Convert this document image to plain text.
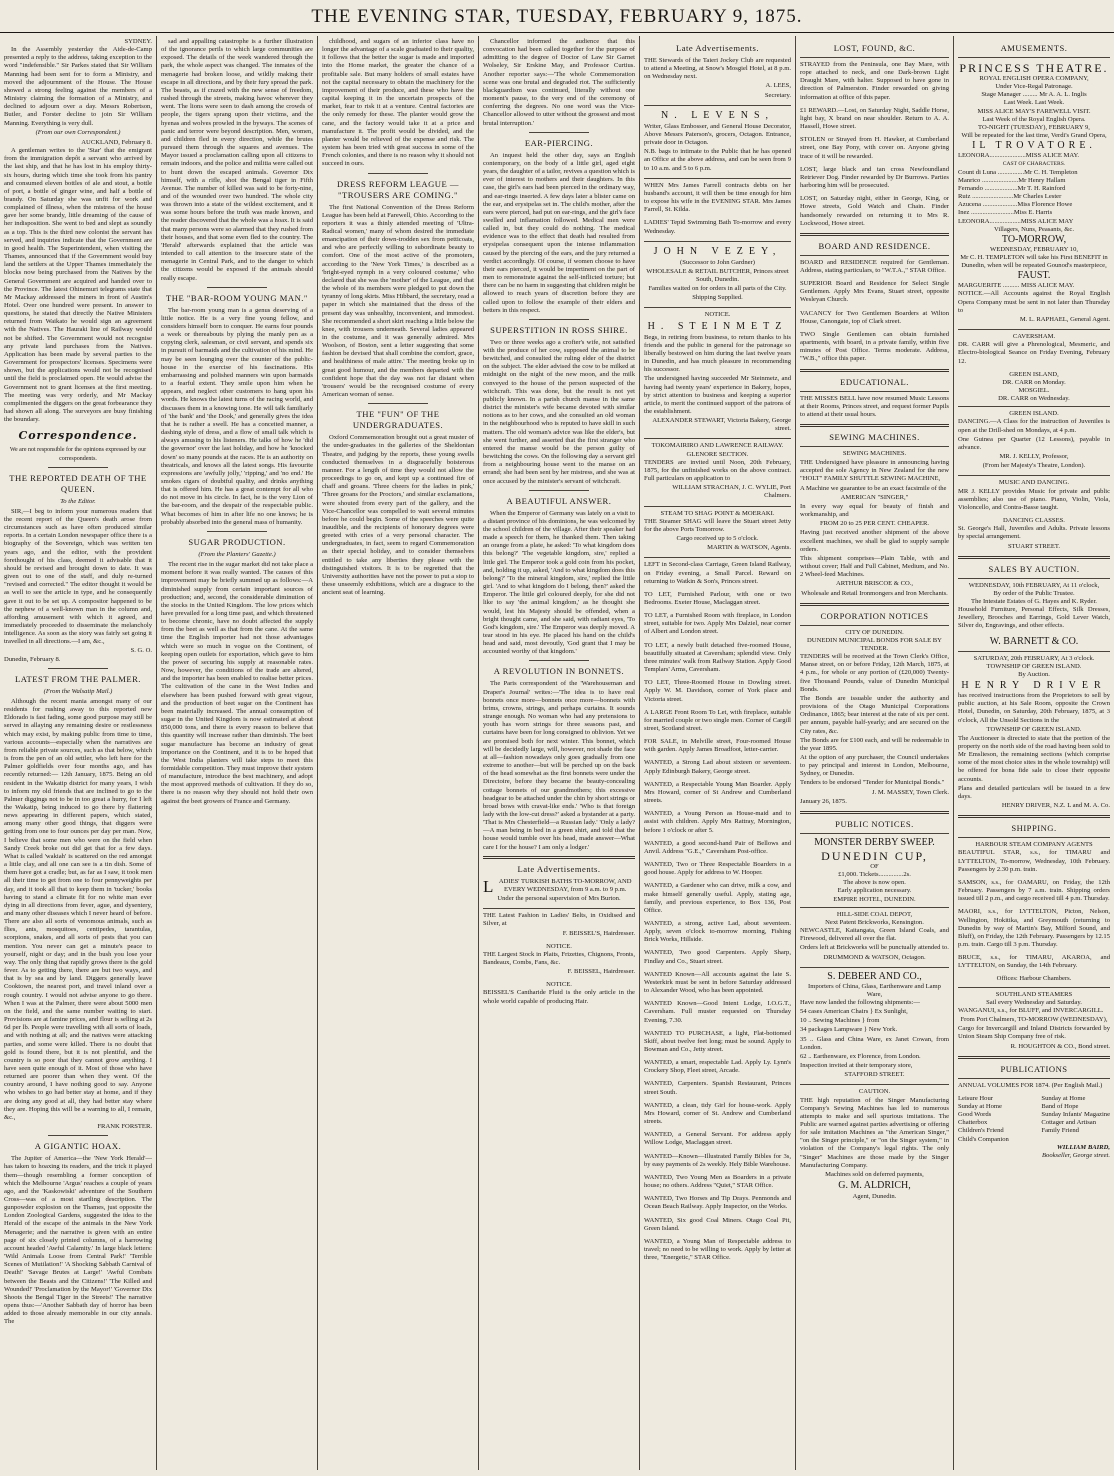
THE EVENING STAR, TUESDAY, FEBRUARY 9, 1875.
SYDNEY.

In the Assembly yesterday the Aide-de-Camp presented a reply to the address, taking exception to the word "indefensible." Sir Parkes stated that Sir William Manning had been sent for to form a Ministry, and moved the adjournment of the House. The House showed a strong feeling against the members of a Ministry claiming the formation of a Ministry, and declined to adjourn over a day. Messrs Robertson, Butler, and Forster decline to join Sir William Manning. Everything is very dull.

(From our own Correspondent.)
AUCKLAND, February 8.

A gentleman writes to the 'Star' that the emigrant from the immigration depôt a servant who arrived by the last ship, and that he has lost in his employ thirty-six hours, during which time she took from his pantry and consumed eleven bottles of ale and stout, a bottle of port, a bottle of ginger wine, and half a bottle of brandy. On Saturday she was unfit for work and complained of illness, when the mistress of the house gave her some brandy, little dreaming of the cause of her indisposition. She went to bed and slept as soundly as a top. This is the third new colonist the servant has served, and inquiries indicate that the Government are in good health. The Superintendent, when visiting the Thames, announced that if the Government would buy land the settlers at the Upper Thames immediately the blocks now being purchased from the Natives by the General Government are acquired and handed over to the Province. The latest Ohinemuri telegrams state that Mr Mackay addressed the miners in front of Austin's Hotel. Over one hundred were present. In answer to questions, he stated that directly the Native Ministers returned from Waikato he would sign an agreement with the Natives. The Hauraki line of Railway would not be shifted. The Government would not recognise any private land purchases from the Natives. Application has been made by several parties to the Government for prospectors' licenses. Specimens were shown, but the applications would not be recognised until the field is proclaimed open. He would advise the Government not to grant licenses at the first meeting. The meeting was very orderly, and Mr Mackay complimented the diggers on the great forbearance they had shown all along. The surveyors are busy finishing the boundary.

Correspondence.
We are not responsible for the opinions expressed by our correspondents.
THE REPORTED DEATH OF THE QUEEN.
To the Editor.

SIR,—I beg to inform your numerous readers that the recent report of the Queen's death arose from circumstances such as have often produced similar reports. In a certain London newspaper office there is a biography of the Sovereign, which was written ten years ago, and the editor, with the provident forethought of his class, deemed it advisable that it should be revised and brought down to date. It was given out to one of the staff, and duly re-turned "revised and corrected." The editor thought it would be as well to see the article in type, and he consequently gave it out to be set up. A compositor happened to be the nephew of a well-known man in the column and, affording amusement with which it agreed, and immediately proceeded to disseminate the melancholy intelligence. As soon as the story was fairly set going it travelled in all directions.—I am, &c.,

S. G. O.
Dunedin, February 8.
LATEST FROM THE PALMER.
(From the Walsatip Mail.)

Although the recent mania amongst many of our residents for rushing away to this reported new Eldorado is fast fading, some good purpose may still be served in allaying any remaining desire or restlessness which may exist, by making public from time to time, various accounts—especially when the narratives are from reliable private sources, such as that below, which is from the pen of an old settler, who left here for the Palmer goldfields over four months ago, and has recently returned:— 12th January, 1875. Being an old resident in the Wakatip district for many years, I wish to inform my old friends that are inclined to go to the Palmer diggings not to be in too great a hurry, for I left the Wakatip, being induced to go there by flattering news appearing in different papers, which stated, among many other good things, that diggers were getting from one to four ounces per day per man. Now, I believe that some men who were on the field when Sandy Creek broke out did get that for a few days. What is called 'wakiah' is scattered on the red amongst a little clay, and all one can see is a tin dish. Some of them have got a cradle; but, as far as I saw, it took men all their time to get from one to four pennyweights per day, and it took all that to keep them in 'tucker,' books having to stand a climate fit for no white man ever dying in all directions from fever, ague, and dysentery, and many other diseases which I never heard of before. There are also all sorts of venomous animals, such as flies, ants, mosquitoes, centipedes, tarantulas, scorpions, snakes, and all sorts of pests that you can mention. You never can get a minute's peace to yourself, night or day; and in the bush you lose your way. The only thing that rapidly grows there is the gold fever. As to getting there, there are but two ways, and that is by sea and by land. Diggers generally leave Cooktown, the nearest port, and travel inland over a rough country. I would not advise anyone to go there. When I was at the Palmer, there were about 5000 men on the field, and the same number waiting to start. Provisions are at famine prices, and flour is selling at 2s 6d per lb. People were travelling with all sorts of loads, and with nothing at all; and the natives were attacking parties, and some were killed. There is no doubt that gold is found there, but it is not plentiful, and the country is so poor that they cannot grow anything. I have seen quite enough of it. Most of those who have returned are poorer than when they went. Of the country around, I have nothing good to say. Anyone who wishes to go had better stay at home, and if they are doing any good at all, they had better stay where they are. Hoping this will be a warning to all, I remain, &c.,

FRANK FORSTER.
A GIGANTIC HOAX.

The Jupiter of America—the 'New York Herald'—has taken to hoaxing its readers, and the trick it played them—though resembling a former conception of which the Melbourne 'Argus' reaches a couple of years ago, and the 'Kaskowiski' adventure of the Southern Cross—was of a most startling description. The gunpowder explosion on the Thames, just opposite the London Zoological Gardens, suggested the idea to the Herald of the escape of the animals in the New York Menagerie; and the narrative is given with an entire page of six closely printed columns, of a harrowing account headed 'Awful Calamity.' In large black letters: 'Wild Animals Loose from Central Park!' 'Terrible Scenes of Mutilation!' 'A Shocking Sabbath Carnival of Death!' 'Savage Brutes at Large!' 'Awful Combats between the Beasts and the Citizens!' 'The Killed and Wounded!' 'Proclamation by the Mayor!' 'Governor Dix Shoots the Bengal Tiger in the Streets!' The narrative opens thus:—'Another Sabbath day of horror has been added to those already memorable in our city annals. The

sad and appalling catastrophe is a further illustration of the ignorance perils to which large communities are exposed. The details of the week wandered through the park, the whole aspect was changed. The inmates of the menagerie had broken loose, and wildly making their escape in all directions, and by their fury spread the park. The beasts, as if crazed with the new sense of freedom, rushed through the streets, making havoc wherever they went. The lions were seen to dash among the crowds of people, the tigers sprang upon their victims, and the hyenas and wolves prowled in the byways. The scenes of panic and terror were beyond description. Men, women, and children fled in every direction, while the brutes pursued them through the squares and avenues. The Mayor issued a proclamation calling upon all citizens to remain indoors, and the police and militia were called out to hunt down the escaped animals. Governor Dix himself, with a rifle, shot the Bengal tiger in Fifth Avenue. The number of killed was said to be forty-nine, and of the wounded over two hundred. The whole city was thrown into a state of the wildest excitement, and it was some hours before the truth was made known, and the reader discovered that the whole was a hoax. It is said that many persons were so alarmed that they rushed from their houses, and that some even fled to the country. The 'Herald' afterwards explained that the article was intended to call attention to the insecure state of the menagerie in Central Park, and to the danger to which the citizens would be exposed if the animals should really escape.

THE "BAR-ROOM YOUNG MAN."

The bar-room young man is a genus deserving of a little notice. He is a very fine young fellow, and considers himself born to conquer. He earns four pounds a week or thereabouts by plying the manly pen as a copying clerk, salesman, or civil servant, and spends six in pursuit of barmaids and the cultivation of his mind. He may be seen lounging over the counter of the public-house in the exercise of his fascinations. His embarrassing and polished manners win upon barmaids to a fearful extent. They smile upon him when he appears, and neglect other customers to hang upon his words. He knows the latest turns of the racing world, and discusses them in a knowing tone. He will talk familiarly of 'the bank' and 'the Dook,' and generally gives the idea that he is rather a swell. He has a conceited manner, a dashing style of dress, and a flow of small talk which is always amusing to his listeners. He talks of how he 'did the governor' over the last holiday, and how he 'knocked down' so many pounds at the races. He is an authority on theatricals, and knows all the latest songs. His favourite expressions are 'awfully jolly,' 'ripping,' and 'no end.' He smokes cigars of doubtful quality, and drinks anything that is offered him. He has a great contempt for all who do not move in his circle. In fact, he is the very Lion of the bar-room, and the despair of the respectable public. What becomes of him in after life no one knows; he is probably absorbed into the general mass of humanity.

SUGAR PRODUCTION.
(From the Planters' Gazette.)

The recent rise in the sugar market did not take place a moment before it was really wanted. The causes of this improvement may be briefly summed up as follows:—A diminished supply from certain important sources of production; and, second, the considerable diminution of the stocks in the United Kingdom. The low prices which have prevailed for a long time past, and which threatened to become chronic, have no doubt affected the supply from the beet as well as that from the cane. At the same time the English importer had not those advantages which were so much in vogue on the Continent, of keeping open outlets for exportation, which gave to him the power of securing his supply at reasonable rates. Now, however, the conditions of the trade are altered, and the importer has been enabled to realise better prices. The cultivation of the cane in the West Indies and elsewhere has been pushed forward with great vigour, and the production of beet sugar on the Continent has been materially increased. The annual consumption of sugar in the United Kingdom is now estimated at about 850,000 tons, and there is every reason to believe that this quantity will increase rather than diminish. The beet sugar manufacture has become an industry of great importance on the Continent, and it is to be hoped that the West India planters will take steps to meet this formidable competition. They must improve their system of manufacture, introduce the best machinery, and adopt the most approved methods of cultivation. If they do so, there is no reason why they should not hold their own against the beet growers of France and Germany.

childhood, and sugars of an inferior class have no longer the advantage of a scale graduated to their quality, it follows that the better the sugar is made and imported into the Home market, the greater the chance of a profitable sale. But many holders of small estates have not the capital necessary to obtain the machinery for the improvement of their produce, and these who have the capital keeping it in the uncertain prospects of the market, fear to risk it at a venture. Central factories are the only remedy for these. The planter would grow the cane, and the factory would take it at a price and manufacture it. The profit would be divided, and the planter would be relieved of the expense and risk. The system has been tried with great success in some of the French colonies, and there is no reason why it should not succeed in ours.

DRESS REFORM LEAGUE — "TROUSERS ARE COMING."

The first National Convention of the Dress Reform League has been held at Farewell, Ohio. According to the reporters it was a thinly attended meeting of 'Ultra-Radical women,' many of whom desired the immediate emancipation of their down-trodden sex from petticoats, and who are perfectly willing to subordinate beauty to comfort. One of the most active of the promoters, according to the 'New York Times,' is described as a 'bright-eyed nymph in a very coloured costume,' who declared that she was the 'mother' of the League, and that the whole of its members were pledged to put down the tyranny of long skirts. Miss Hibbard, the secretary, read a paper in which she maintained that the dress of the present day was unhealthy, inconvenient, and immodest. She recommended a short skirt reaching a little below the knee, with trousers underneath. Several ladies appeared in the costume, and it was generally admired. Mrs Woolson, of Boston, sent a letter suggesting that some fashion be devised 'that shall combine the comfort, grace, and healthiness of male attire.' The meeting broke up in great good humour, and the members departed with the confident hope that the day was not far distant when 'trousers' would be the recognised costume of every American woman of sense.

THE "FUN" OF THE UNDERGRADUATES.

Oxford Commemoration brought out a great muster of the under-graduates in the galleries of the Sheldonian Theatre, and judging by the reports, these young swells conducted themselves in a disgracefully boisterous manner. For a length of time they would not allow the proceedings to go on, and kept up a continued fire of chaff and groans. 'Three cheers for the ladies in pink,' 'Three groans for the Proctors,' and similar exclamations, were shouted from every part of the gallery, and the Vice-Chancellor was compelled to wait several minutes before he could begin. Some of the speeches were quite inaudible, and the recipients of honorary degrees were greeted with cries of a very personal character. The undergraduates, in fact, seem to regard Commemoration as their special holiday, and to consider themselves entitled to take any liberties they please with the distinguished visitors. It is to be regretted that the University authorities have not the power to put a stop to these unseemly exhibitions, which are a disgrace to the ancient seat of learning.

Chancellor informed the audience that this convocation had been called together for the purpose of admitting to the degree of Doctor of Law Sir Garnet Wolseley, Sir Erskine May, and Professor Curtius. Another reporter says:—'The whole Commemoration scene was one brutal and degraded riot. The sufficiently blackguardism was continued, literally without one moment's pause, to the very end of the ceremony of conferring the degrees. No one word was the Vice-Chancellor allowed to utter without the grossest and most brutal interruption.'

EAR-PIERCING.

An inquest held the other day, says an English contemporary, on the body of a little girl, aged eight years, the daughter of a tailor, revives a question which is ever of interest to mothers and their daughters. In this case, the girl's ears had been pierced in the ordinary way, and ear-rings inserted. A few days later a blister came on the ear, and erysipelas set in. The child's mother, after the ears were pierced, had put on ear-rings, and the girl's face swelled and inflamation followed. Medical men were called in, but they could do nothing. The medical evidence was to the effect that death had resulted from erysipelas consequent upon the intense inflammation caused by the piercing of the ears, and the jury returned a verdict accordingly. Of course, if women choose to have their ears pierced, it would be impertinent on the part of men to remonstrate against the self-inflicted torture; but there can be no harm in suggesting that children might be allowed to reach years of discretion before they are called upon to follow the example of their elders and betters in this respect.

SUPERSTITION IN ROSS SHIRE.

Two or three weeks ago a crofter's wife, not satisfied with the produce of her cow, supposed the animal to be bewitched, and consulted the ruling elder of the district on the subject. The elder advised the cow to be milked at midnight on the night of the new moon, and the milk conveyed to the house of the person suspected of the witchcraft. This was done, but the result is not yet publicly known. In a parish church manse in the same district the minister's wife became devoted with similar notions as to her cows, and she consulted an old woman in the neighbourhood who is reputed to have skill in such matters. The old woman's advice was like the elder's, but she went further, and asserted that the first stranger who entered the manse would be the person guilty of bewitching the cows. On the following day a servant girl from a neighbouring house went to the manse on an errand; she had been sent by her mistress, and she was at once accused by the minister's servant of witchcraft.

A BEAUTIFUL ANSWER.

When the Emperor of Germany was lately on a visit to a distant province of his dominions, he was welcomed by the school children of the village. After their speaker had made a speech for them, he thanked them. Then taking an orange from a plate, he asked: 'To what kingdom does this belong?' 'The vegetable kingdom, sire,' replied a little girl. The Emperor took a gold coin from his pocket, and, holding it up, asked, 'And to what kingdom does this belong?' 'To the mineral kingdom, sire,' replied the little girl. 'And to what kingdom do I belong, then?' asked the Emperor. The little girl coloured deeply, for she did not like to say 'the animal kingdom,' as he thought she would, lest his Majesty should be offended, when a bright thought came, and she said, with radiant eyes, 'To God's kingdom, sire.' The Emperor was deeply moved. A tear stood in his eye. He placed his hand on the child's head and said, most devoutly, 'God grant that I may be accounted worthy of that kingdom.'

A REVOLUTION IN BONNETS.

The Paris correspondent of the 'Warehouseman and Draper's Journal' writes:—'The idea is to have real bonnets once more—bonnets once more—bonnets with brims, crowns, strings, and perhaps curtains. It sounds strange enough. No woman who had any pretensions to youth has worn strings for three seasons past, and curtains have been for long consigned to oblivion. Yet we are promised both for next winter. This bonnet, which will be decidedly large, will, however, not shade the face at all—fashion nowadays only goes gradually from one extreme to another—but will be perched up on the back of the head somewhat as the first bonnets were under the Directoire, before they became the beauty-concealing cottage bonnets of our grandmothers; this excessive headgear to be attached under the chin by short strings or broad bows with cravat-like ends.' 'Who is that foreign lady with the low-cut dress?' asked a bystander at a party. 'That is Mrs Chesterfield—a Russian lady.' 'Only a lady?—A man being in bed in a green shirt, and told that the house would tumble over his head, made answer—What care I for the house? I am only a lodger.'

Late Advertisements.

LADIES' TURKISH BATHS TO-MORROW, AND EVERY WEDNESDAY, from 9 a.m. to 9 p.m.

Under the personal supervision of Mrs Burton.

THE Latest Fashion in Ladies' Belts, in Oxidised and Silver, at

F. BEISSEL'S, Hairdresser.

NOTICE.

THE Largest Stock in Plaits, Frizettes, Chignons, Fronts, Bandeaux, Combs, Fans, &c.

F. BEISSEL, Hairdresser.

NOTICE.

BEISSEL'S Cantharide Fluid is the only article in the whole world capable of producing Hair.

Late Advertisements.

THE Stewards of the Taieri Jockey Club are requested to attend a Meeting, at Snow's Mosgiel Hotel, at 8 p.m. on Wednesday next.

A. LEES,

Secretary.

N. LEVENS,

Writer, Glass Embosser, and General House Decorator, Above Messrs Paterson's, grocers, Octagon. Entrance, private door in Octagon.

N.B. bags to intimate to the Public that he has opened an Office at the above address, and can be seen from 9 to 10 a.m. and 5 to 6 p.m.

WHEN Mrs James Farrell contracts debts on her husband's account, it will then be time enough for him to expose his wife in the EVENING STAR. Mrs James Farrell, St. Kilda.

LADIES' Tepid Swimming Bath To-morrow and every Wednesday.

JOHN VEZEY,

(Successor to John Gardner)

WHOLESALE & RETAIL BUTCHER, Princes street South, Dunedin.

Families waited on for orders in all parts of the City.

Shipping Supplied.

NOTICE.

H. STEINMETZ

Begs, in retiring from business, to return thanks to his friends and the public in general for the patronage so liberally bestowed on him during the last twelve years in Dunedin, and has much pleasure in recommending his successor.

The undersigned having succeeded Mr Steinmetz, and having had twenty years' experience in Bakery, hopes, by strict attention to business and keeping a superior article, to merit the continued support of the patrons of the establishment.

ALEXANDER STEWART, Victoria Bakery, George street.

TOKOMAIRIRO AND LAWRENCE RAILWAY.
GLENORE SECTION.

TENDERS are invited until Noon, 20th February, 1875, for the unfinished works on the above contract. Full particulars on application to

WILLIAM STRACHAN, J. C. WYLIE, Port Chalmers.

STEAM TO SHAG POINT & MOERAKI.

THE Steamer SHAG will leave the Stuart street Jetty for the above Ports Tomorrow.

Cargo received up to 5 o'clock.

MARTIN & WATSON, Agents.

LEFT in Second-class Carriage, Green Island Railway, on Friday evening, a Small Parcel. Reward on returning to Watkin & Son's, Princes street.

TO LET, Furnished Parlour, with one or two Bedrooms. Exeter House, Maclaggan street.

TO LET, a Furnished Room with fireplace, in London street, suitable for two. Apply Mrs Dalziel, near corner of Albert and London street.

TO LET, a newly built detached five-roomed House, beautifully situated at Caversham; splendid view. Only three minutes' walk from Railway Station. Apply Good Templars' Arms, Caversham.

TO LET, Three-Roomed House in Dowling street. Apply W. M. Davidson, corner of York place and Victoria street.

A LARGE Front Room To Let, with fireplace, suitable for married couple or two single men. Corner of Cargill street, Scotland street.

FOR SALE, in Melville street, Four-roomed House with garden. Apply James Broadfoot, letter-carrier.

WANTED, a Strong Lad about sixteen or seventeen. Apply Edinburgh Bakery, George street.

WANTED, a Respectable Young Man Boarder. Apply Mrs Howard, corner of St Andrew and Cumberland streets.

WANTED, a Young Person as House-maid and to assist with children. Apply Mrs Rattray, Mornington, before 1 o'clock or after 5.

WANTED, a good second-hand Pair of Bellows and Anvil. Address "G.E.," Caversham Post-office.

WANTED, Two or Three Respectable Boarders in a good house. Apply for address to W. Hooper.

WANTED, a Gardener who can drive, milk a cow, and make himself generally useful. Apply, stating age, family, and previous experience, to Box 136, Post Office.

WANTED, a strong, active Lad, about seventeen. Apply, seven o'clock to-morrow morning, Fishing Brick Works, Hillside.

WANTED, Two good Carpenters. Apply Sharp, Findlay and Co., Stuart street.

WANTED Known—All accounts against the late S. Westerkirk must be sent in before Saturday addressed to Alexander Wood, who has been appointed.

WANTED Known—Good Intent Lodge, I.O.G.T., Caversham. Full muster requested on Thursday Evening, 7.30.

WANTED TO PURCHASE, a light, Flat-bottomed Skiff, about twelve feet long; must be sound. Apply to Bowman and Co., Jetty street.

WANTED, a smart, respectable Lad. Apply Ly. Lynn's Crockery Shop, Fleet street, Arcade.

WANTED, Carpenters. Spanish Restaurant, Princes street South.

WANTED, a clean, tidy Girl for house-work. Apply Mrs Howard, corner of St. Andrew and Cumberland streets.

WANTED, a General Servant. For address apply Willow Lodge, Maclaggan street.

WANTED—Known—Illustrated Family Bibles for 3s, by easy payments of 2s weekly. Hely Bible Warehouse.

WANTED, Two Young Men as Boarders in a private house; no others. Address "Quiet," STAR Office.

WANTED, Two Horses and Tip Drays. Penmonds and Ocean Beach Railway. Apply Inspector, on the Works.

WANTED, Six good Coal Miners. Otago Coal Pit, Green Island.

WANTED, a Young Man of Respectable address to travel; no need to be willing to work. Apply by letter at three, "Energetic," STAR Office.

LOST, FOUND, &C.

STRAYED from the Peninsula, one Bay Mare, with rope attached to neck, and one Dark-brown Light Draught Mare, with halter. Supposed to have gone in direction of Palmerston. Finder rewarded on giving information at office of this paper.

£1 REWARD.—Lost, on Saturday Night, Saddle Horse, light bay, X brand on near shoulder. Return to A. A. Hassell, Howe street.

STOLEN or Strayed from H. Hawker, at Cumberland street, one Bay Pony, with cover on. Anyone giving trace of it will be rewarded.

LOST, large black and tan cross Newfoundland Retriever Dog. Finder rewarded by Dr Burrows. Parties harboring him will be prosecuted.

LOST, on Saturday night, either in George, King, or Howe streets, Gold Watch and Chain. Finder handsomely rewarded on returning it to Mrs R. Lockwood, Howe street.

BOARD AND RESIDENCE.

BOARD and RESIDENCE required for Gentleman. Address, stating particulars, to "W.T.A.," STAR Office.

SUPERIOR Board and Residence for Select Single Gentlemen. Apply Mrs Evans, Stuart street, opposite Wesleyan Church.

VACANCY for Two Gentlemen Boarders at Wilton House, Canongate, top of Clark street.

TWO Single Gentlemen can obtain furnished apartments, with board, in a private family, within five minutes of Post Office. Terms moderate. Address, "W.B.," office this paper.

EDUCATIONAL.

THE MISSES BELL have now resumed Music Lessons at their Rooms, Princes street, and request former Pupils to attend at their usual hours.

SEWING MACHINES.

SEWING MACHINES.

THE Undersigned have pleasure in announcing having accepted the sole Agency in New Zealand for the new "HOLT" FAMILY SHUTTLE SEWING MACHINE,

A Machine we guarantee to be an exact facsimile of the

AMERICAN "SINGER,"

In every way equal for beauty of finish and workmanship, and

FROM 20 to 25 PER CENT. CHEAPER.

Having just received another shipment of the above excellent machines, we shall be glad to supply sample orders.

This shipment comprises—Plain Table, with and without cover; Half and Full Cabinet, Medium, and No. 2 Wheel-feed Machines.

ARTHUR BRISCOE & CO.,

Wholesale and Retail Ironmongers and Iron Merchants.

CORPORATION NOTICES
CITY OF DUNEDIN.
DUNEDIN MUNICIPAL BONDS FOR SALE BY TENDER.

TENDERS will be received at the Town Clerk's Office, Manse street, on or before Friday, 12th March, 1875, at 4 p.m., for whole or any portion of (£20,000) Twenty-five Thousand Pounds, value of Dunedin Municipal Bonds.

The Bonds are issuable under the authority and provisions of the Otago Municipal Corporations Ordinance, 1865; bear interest at the rate of six per cent. per annum, payable half-yearly; and are secured on the City rates, &c.

The Bonds are for £100 each, and will be redeemable in the year 1895.

At the option of any purchaser, the Council undertakes to pay principal and interest in London, Melbourne, Sydney, or Dunedin.

Tenders to be endorsed "Tender for Municipal Bonds."

J. M. MASSEY, Town Clerk.

January 26, 1875.

PUBLIC NOTICES.
MONSTER DERBY SWEEP.
DUNEDIN CUP,
OF
£1,000. Tickets...............2s.
The above is now open.
Early application necessary.
EMPIRE HOTEL, DUNEDIN.
HILL-SIDE COAL DEPOT,
Next Patent Brickworks, Kensington.

NEWCASTLE, Kaitangata, Green Island Coals, and Firewood, delivered all over the flat.

Orders left at Brickworks will be punctually attended to.

DRUMMOND & WATSON, Octagon.

S. DEBEER AND CO.,
Importers of China, Glass, Earthenware and Lamp Ware,

Have now landed the following shipments:—

54 cases American Chairs } Ex Sunlight,

10 .. Sewing Machines } from

34 packages Lampware } New York.

35 .. Glass and China Ware, ex Janet Cowan, from London.

62 .. Earthenware, ex Florence, from London.

Inspection invited at their temporary store,

STAFFORD STREET.

CAUTION.

THE high reputation of the Singer Manufacturing Company's Sewing Machines has led to numerous attempts to make and sell spurious imitations. The Public are warned against parties advertising or offering for sale imitation Machines as "the American Singer," "on the Singer principle," or "on the Singer system," in violation of the Company's legal rights. The only "Singer" Machines are those made by the Singer Manufacturing Company.

Machines sold on deferred payments,

G. M. ALDRICH,

Agent, Dunedin.

AMUSEMENTS.
PRINCESS THEATRE.
ROYAL ENGLISH OPERA COMPANY,
Under Vice-Regal Patronage.
Stage Manager ......... Mr A. A. L. Inglis
Last Week. Last Week.
MISS ALICE MAY'S FAREWELL VISIT.
Last Week of the Royal English Opera.
TO-NIGHT (TUESDAY), FEBRUARY 9,
Will be repeated for the last time, Verdi's Grand Opera,
IL TROVATORE.
LEONORA......................MISS ALICE MAY.
CAST OF CHARACTERS.
Count di Luna ................Mr C. H. Templeton
Manrico ......................Mr Henry Hallam
Fernando ....................Mr T. H. Rainford
Ruiz .........................Mr Charles Lester
Azucena .....................Miss Florence Howe
Inez ..........................Miss E. Harris
LEONORA...................MISS ALICE MAY
Villagers, Nuns, Peasants, &c.
TO-MORROW,
WEDNESDAY, FEBRUARY 10,
Mr C. H. TEMPLETON will take his First BENEFIT in Dunedin, when will be repeated Gounod's masterpiece,
FAUST.
MARGUERITE .......... MISS ALICE MAY.

NOTICE.—All Accounts against the Royal English Opera Company must be sent in not later than Thursday to

M. L. RAPHAEL, General Agent.

CAVERSHAM.

DR. CARR will give a Phrenological, Mesmeric, and Electro-biological Seance on Friday Evening, February 12.

GREEN ISLAND,
DR. CARR on Monday.
MOSGIEL.
DR. CARR on Wednesday.
GREEN ISLAND.

DANCING.—A Class for the instruction of Juveniles is open at the Drill-shed on Mondays, at 4 p.m.

One Guinea per Quarter (12 Lessons), payable in advance.

MR. J. KELLY, Professor,

(From her Majesty's Theatre, London).

MUSIC AND DANCING.

MR J. KELLY provides Music for private and public assemblies; also use of piano. Piano, Violin, Viola, Violoncello, and Contra-Basse taught.

DANCING CLASSES.

St. George's Hall, Juveniles and Adults. Private lessons by special arrangement.

STUART STREET.

SALES BY AUCTION.
WEDNESDAY, 10th FEBRUARY, At 11 o'clock,
By order of the Public Trustee.
The Intestate Estates of G. Hayes and K. Ryder.

Household Furniture, Personal Effects, Silk Dresses, Jewellery, Brooches and Earrings, Gold Lever Watch, Silver do, Engravings, and other effects.

W. BARNETT & CO.
SATURDAY, 20th FEBRUARY, At 3 o'clock.
TOWNSHIP OF GREEN ISLAND.
By Auction.
HENRY DRIVER

has received instructions from the Proprietors to sell by public auction, at his Sale Room, opposite the Crown Hotel, Dunedin, on Saturday, 20th February, 1875, at 3 o'clock, All the Unsold Sections in the

TOWNSHIP OF GREEN ISLAND.

The Auctioneer is directed to state that the portion of the property on the north side of the road having been sold to Mr Emslieson, the remaining sections (which comprise some of the most choice sites in the whole township) will be offered for bona fide sale to close their opposite accounts.

Plans and detailed particulars will be issued in a few days.

HENRY DRIVER, N.Z. L and M. A. Co.

SHIPPING.
HARBOUR STEAM COMPANY AGENTS

BEAUTIFUL STAR, s.s., for TIMARU and LYTTELTON, To-morrow, Wednesday, 10th February. Passengers by 2.30 p.m. train.

SAMSON, s.s., for OAMARU, on Friday, the 12th February. Passengers by 7 a.m. train. Shipping orders issued till 2 p.m., and cargo received till 4 p.m. Thursday.

MAORI, s.s., for LYTTELTON, Picton, Nelson, Wellington, Hokitika, and Greymouth (returning to Dunedin by way of Martin's Bay, Milford Sound, and Bluff), on Friday, the 12th February. Passengers by 12.15 p.m. train. Cargo till 3 p.m. Thursday.

BRUCE, s.s., for TIMARU, AKAROA, and LYTTELTON, on Sunday, the 14th February.

Offices: Harbour Chambers.
SOUTHLAND STEAMERS
Sail every Wednesday and Saturday.

WANGANUI, s.s., for BLUFF, and INVERCARGILL.

From Port Chalmers, TO-MORROW (WEDNESDAY),

Cargo for Invercargill and Inland Districts forwarded by Union Steam Ship Company free of risk.

R. HOUGHTON & CO., Bond street.

PUBLICATIONS

ANNUAL VOLUMES FOR 1874. (Per English Mail.)

Leisure Hour
Sunday at Home
Good Words
Chatterbox
Children's Friend
Child's Companion
Sunday at Home
Band of Hope
Sunday Infants' Magazine
Cottager and Artisan
Family Friend
WILLIAM BAIRD,
Bookseller, George street.
